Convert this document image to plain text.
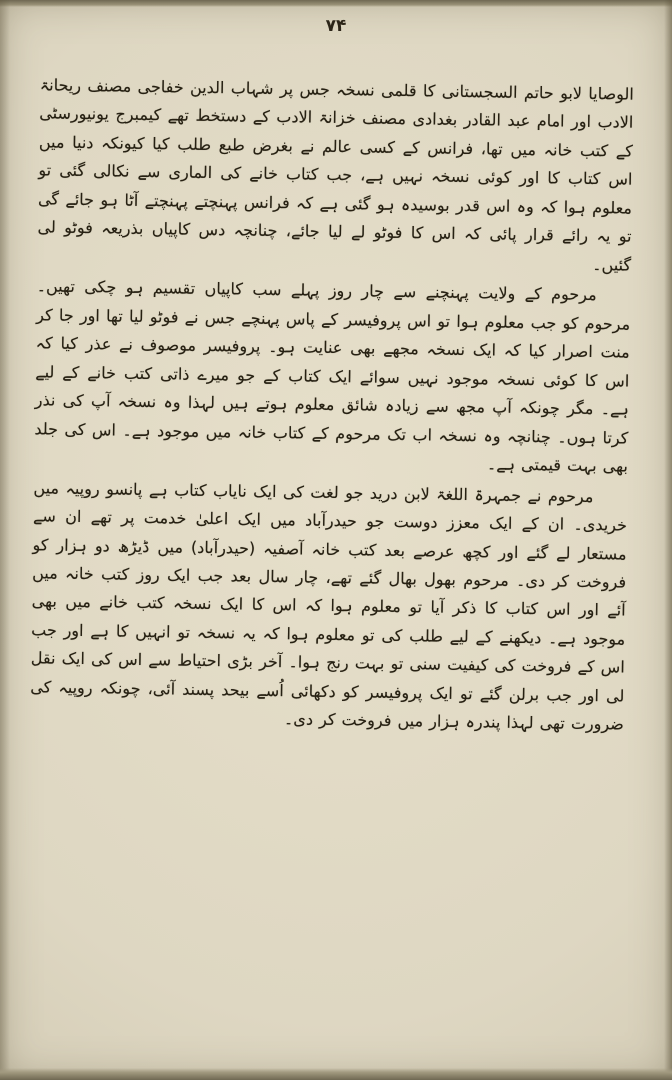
۷۴

الوصایا لابو حاتم السجستانی کا قلمی نسخہ جس پر شہاب الدین خفاجی مصنف ریحانۃ الادب اور امام عبد القادر بغدادی مصنف خزانۃ الادب کے دستخط تھے کیمبرج یونیورسٹی کے کتب خانہ میں تھا، فرانس کے کسی عالم نے بغرض طبع طلب کیا کیونکہ دنیا میں اس کتاب کا اور کوئی نسخہ نہیں ہے، جب کتاب خانے کی الماری سے نکالی گئی تو معلوم ہوا کہ وہ اس قدر بوسیدہ ہو گئی ہے کہ فرانس پہنچتے پہنچتے آٹا ہو جائے گی تو یہ رائے قرار پائی کہ اس کا فوٹو لے لیا جائے، چنانچہ دس کاپیاں بذریعہ فوٹو لی گئیں۔

مرحوم کے ولایت پہنچنے سے چار روز پہلے سب کاپیاں تقسیم ہو چکی تھیں۔ مرحوم کو جب معلوم ہوا تو اس پروفیسر کے پاس پہنچے جس نے فوٹو لیا تھا اور جا کر منت اصرار کیا کہ ایک نسخہ مجھے بھی عنایت ہو۔ پروفیسر موصوف نے عذر کیا کہ اس کا کوئی نسخہ موجود نہیں سوائے ایک کتاب کے جو میرے ذاتی کتب خانے کے لیے ہے۔ مگر چونکہ آپ مجھ سے زیادہ شائق معلوم ہوتے ہیں لہذا وہ نسخہ آپ کی نذر کرتا ہوں۔ چنانچہ وہ نسخہ اب تک مرحوم کے کتاب خانہ میں موجود ہے۔ اس کی جلد بھی بہت قیمتی ہے۔

مرحوم نے جمہرۃ اللغۃ لابن درید جو لغت کی ایک نایاب کتاب ہے پانسو روپیہ میں خریدی۔ ان کے ایک معزز دوست جو حیدرآباد میں ایک اعلیٰ خدمت پر تھے ان سے مستعار لے گئے اور کچھ عرصے بعد کتب خانہ آصفیہ (حیدرآباد) میں ڈیڑھ دو ہزار کو فروخت کر دی۔ مرحوم بھول بھال گئے تھے، چار سال بعد جب ایک روز کتب خانہ میں آئے اور اس کتاب کا ذکر آیا تو معلوم ہوا کہ اس کا ایک نسخہ کتب خانے میں بھی موجود ہے۔ دیکھنے کے لیے طلب کی تو معلوم ہوا کہ یہ نسخہ تو انہیں کا ہے اور جب اس کے فروخت کی کیفیت سنی تو بہت رنج ہوا۔ آخر بڑی احتیاط سے اس کی ایک نقل لی اور جب برلن گئے تو ایک پروفیسر کو دکھائی اُسے بیحد پسند آئی، چونکہ روپیہ کی ضرورت تھی لہذا پندرہ ہزار میں فروخت کر دی۔
